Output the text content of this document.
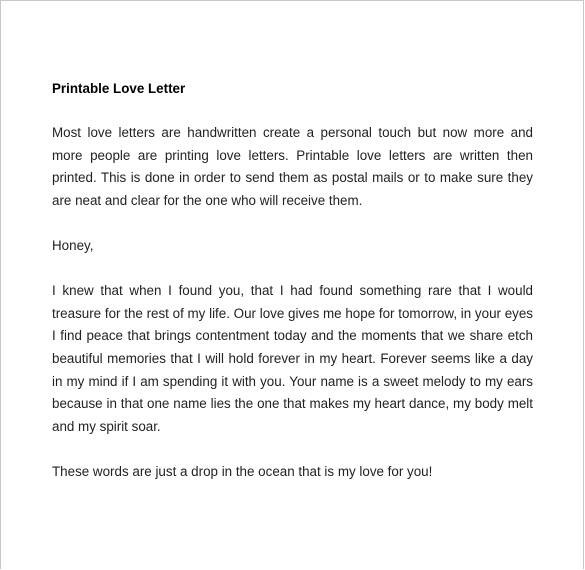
Printable Love Letter

Most love letters are handwritten create a personal touch but now more and more people are printing love letters. Printable love letters are written then printed. This is done in order to send them as postal mails or to make sure they are neat and clear for the one who will receive them.

Honey,

I knew that when I found you, that I had found something rare that I would treasure for the rest of my life. Our love gives me hope for tomorrow, in your eyes I find peace that brings contentment today and the moments that we share etch beautiful memories that I will hold forever in my heart. Forever seems like a day in my mind if I am spending it with you. Your name is a sweet melody to my ears because in that one name lies the one that makes my heart dance, my body melt and my spirit soar.

These words are just a drop in the ocean that is my love for you!
